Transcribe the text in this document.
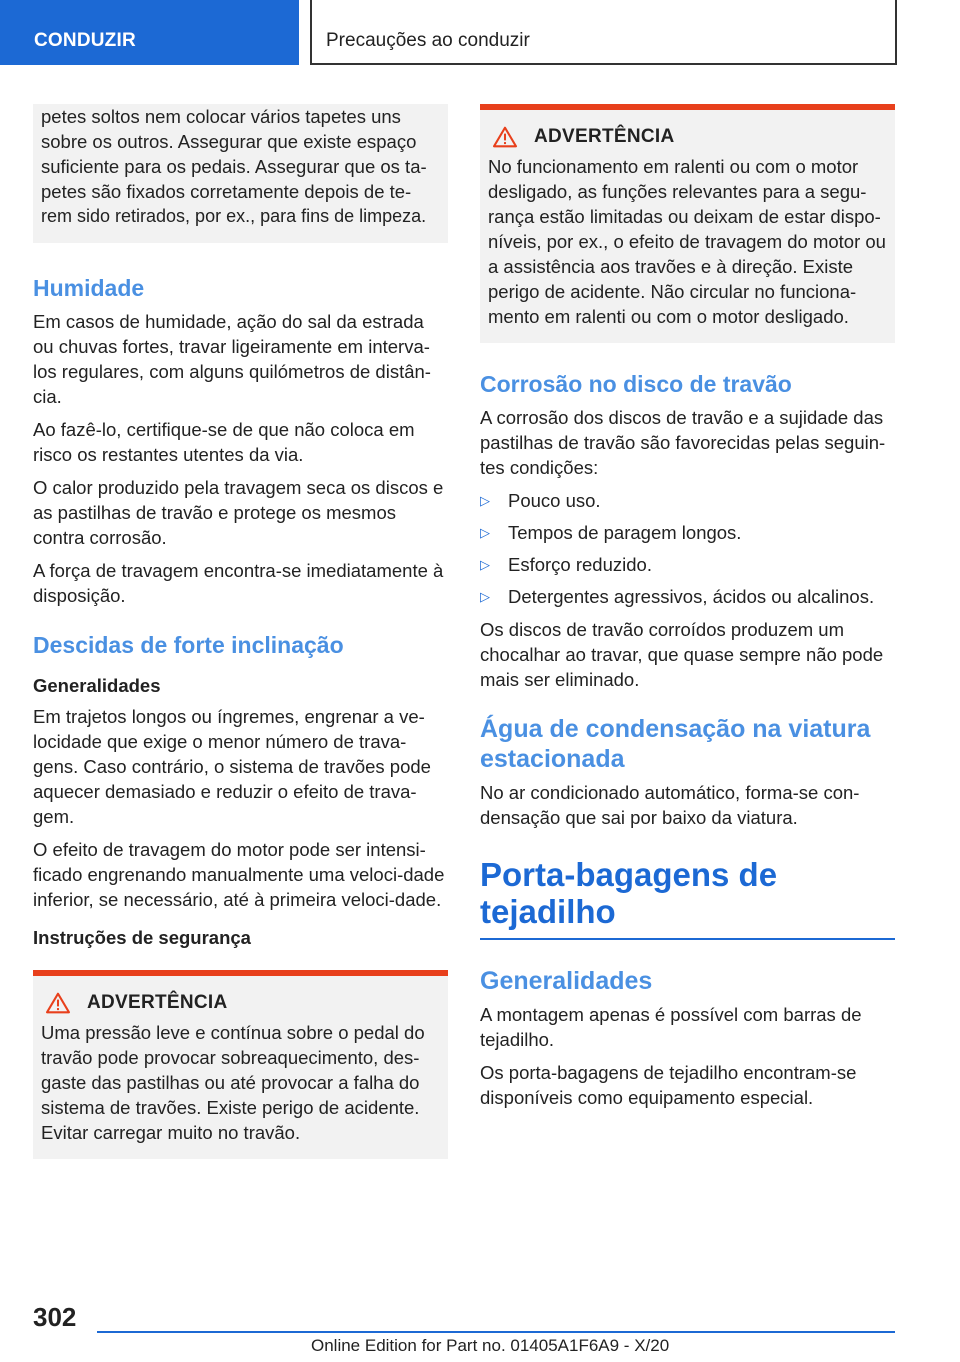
CONDUZIR	Precauções ao conduzir

petes soltos nem colocar vários tapetes uns

sobre os outros. Assegurar que existe espaço

suficiente para os pedais. Assegurar que os ta-

petes são fixados corretamente depois de te-

rem sido retirados, por ex., para fins de limpeza.

Humidade

Em casos de humidade, ação do sal da estrada ou chuvas fortes, travar ligeiramente em interva-los regulares, com alguns quilómetros de distân-cia.

Ao fazê-lo, certifique-se de que não coloca em risco os restantes utentes da via.

O calor produzido pela travagem seca os discos e as pastilhas de travão e protege os mesmos contra corrosão.

A força de travagem encontra-se imediatamente à disposição.

Descidas de forte inclinação
Generalidades

Em trajetos longos ou íngremes, engrenar a ve-locidade que exige o menor número de trava-gens. Caso contrário, o sistema de travões pode aquecer demasiado e reduzir o efeito de trava-gem.

O efeito de travagem do motor pode ser intensi-ficado engrenando manualmente uma veloci-dade inferior, se necessário, até à primeira veloci-dade.

Instruções de segurança
ADVERTÊNCIA

Uma pressão leve e contínua sobre o pedal do travão pode provocar sobreaquecimento, des-gaste das pastilhas ou até provocar a falha do sistema de travões. Existe perigo de acidente. Evitar carregar muito no travão.

ADVERTÊNCIA

No funcionamento em ralenti ou com o motor desligado, as funções relevantes para a segu-rança estão limitadas ou deixam de estar dispo-níveis, por ex., o efeito de travagem do motor ou a assistência aos travões e à direção. Existe perigo de acidente. Não circular no funciona-mento em ralenti ou com o motor desligado.

Corrosão no disco de travão

A corrosão dos discos de travão e a sujidade das pastilhas de travão são favorecidas pelas seguin-tes condições:

▷ Pouco uso.
▷ Tempos de paragem longos.
▷ Esforço reduzido.
▷ Detergentes agressivos, ácidos ou alcalinos.

Os discos de travão corroídos produzem um chocalhar ao travar, que quase sempre não pode mais ser eliminado.

Água de condensação na viatura estacionada

No ar condicionado automático, forma-se con-densação que sai por baixo da viatura.

Porta-bagagens de tejadilho
Generalidades

A montagem apenas é possível com barras de tejadilho.

Os porta-bagagens de tejadilho encontram-se disponíveis como equipamento especial.

302
Online Edition for Part no. 01405A1F6A9 - X/20
